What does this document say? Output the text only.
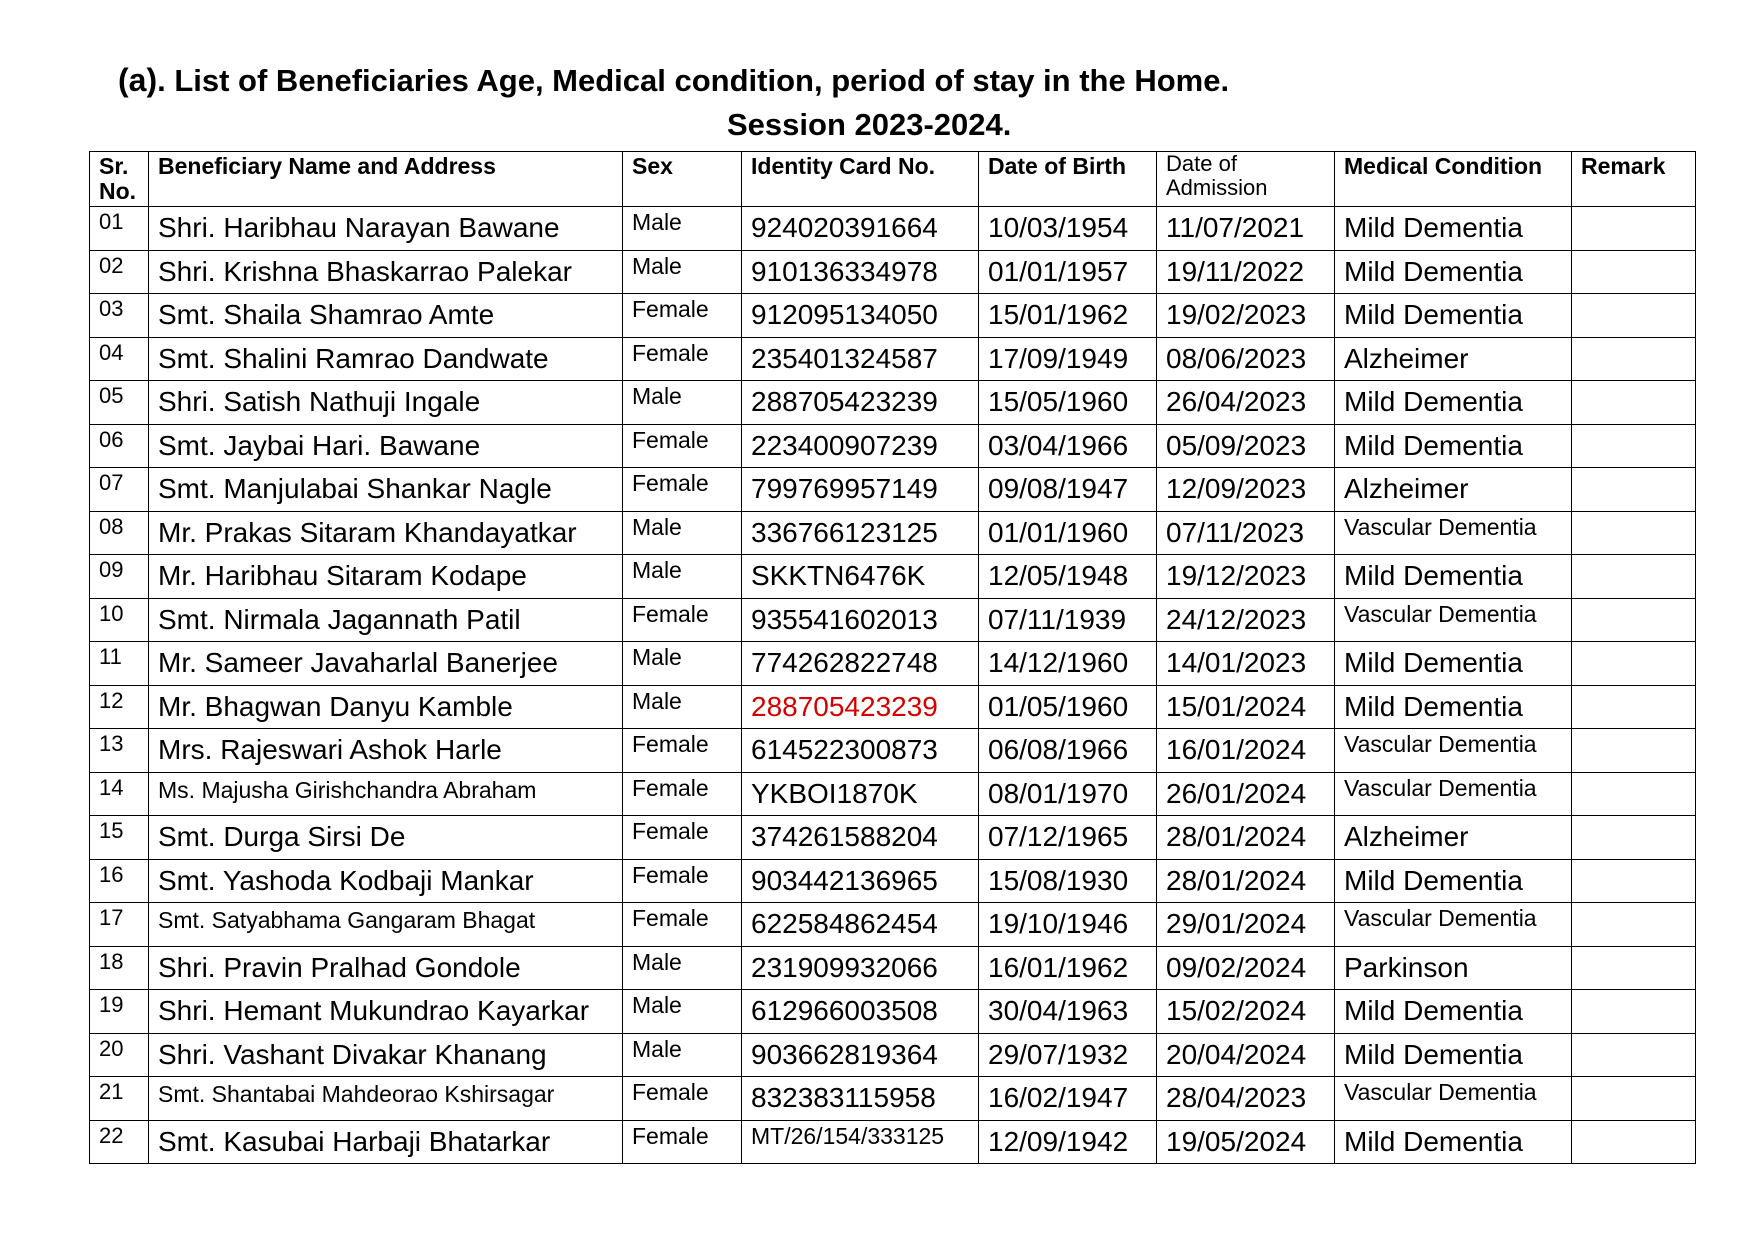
(a). List of Beneficiaries Age, Medical condition, period of stay in the Home.
Session 2023-2024.
Sr. No.	Beneficiary Name and Address	Sex	Identity Card No.	Date of Birth	Date of Admission	Medical Condition	Remark
01	Shri. Haribhau Narayan Bawane	Male	924020391664	10/03/1954	11/07/2021	Mild Dementia	
02	Shri. Krishna Bhaskarrao Palekar	Male	910136334978	01/01/1957	19/11/2022	Mild Dementia	
03	Smt. Shaila Shamrao Amte	Female	912095134050	15/01/1962	19/02/2023	Mild Dementia	
04	Smt. Shalini Ramrao Dandwate	Female	235401324587	17/09/1949	08/06/2023	Alzheimer	
05	Shri. Satish Nathuji Ingale	Male	288705423239	15/05/1960	26/04/2023	Mild Dementia	
06	Smt. Jaybai Hari. Bawane	Female	223400907239	03/04/1966	05/09/2023	Mild Dementia	
07	Smt. Manjulabai Shankar Nagle	Female	799769957149	09/08/1947	12/09/2023	Alzheimer	
08	Mr. Prakas Sitaram Khandayatkar	Male	336766123125	01/01/1960	07/11/2023	Vascular Dementia	
09	Mr. Haribhau Sitaram Kodape	Male	SKKTN6476K	12/05/1948	19/12/2023	Mild Dementia	
10	Smt. Nirmala Jagannath Patil	Female	935541602013	07/11/1939	24/12/2023	Vascular Dementia	
11	Mr. Sameer Javaharlal Banerjee	Male	774262822748	14/12/1960	14/01/2023	Mild Dementia	
12	Mr. Bhagwan Danyu Kamble	Male	288705423239	01/05/1960	15/01/2024	Mild Dementia	
13	Mrs. Rajeswari Ashok Harle	Female	614522300873	06/08/1966	16/01/2024	Vascular Dementia	
14	Ms. Majusha Girishchandra Abraham	Female	YKBOI1870K	08/01/1970	26/01/2024	Vascular Dementia	
15	Smt. Durga Sirsi De	Female	374261588204	07/12/1965	28/01/2024	Alzheimer	
16	Smt. Yashoda Kodbaji Mankar	Female	903442136965	15/08/1930	28/01/2024	Mild Dementia	
17	Smt. Satyabhama Gangaram Bhagat	Female	622584862454	19/10/1946	29/01/2024	Vascular Dementia	
18	Shri. Pravin Pralhad Gondole	Male	231909932066	16/01/1962	09/02/2024	Parkinson	
19	Shri. Hemant Mukundrao Kayarkar	Male	612966003508	30/04/1963	15/02/2024	Mild Dementia	
20	Shri. Vashant Divakar Khanang	Male	903662819364	29/07/1932	20/04/2024	Mild Dementia	
21	Smt. Shantabai Mahdeorao Kshirsagar	Female	832383115958	16/02/1947	28/04/2023	Vascular Dementia	
22	Smt. Kasubai Harbaji Bhatarkar	Female	MT/26/154/333125	12/09/1942	19/05/2024	Mild Dementia	
